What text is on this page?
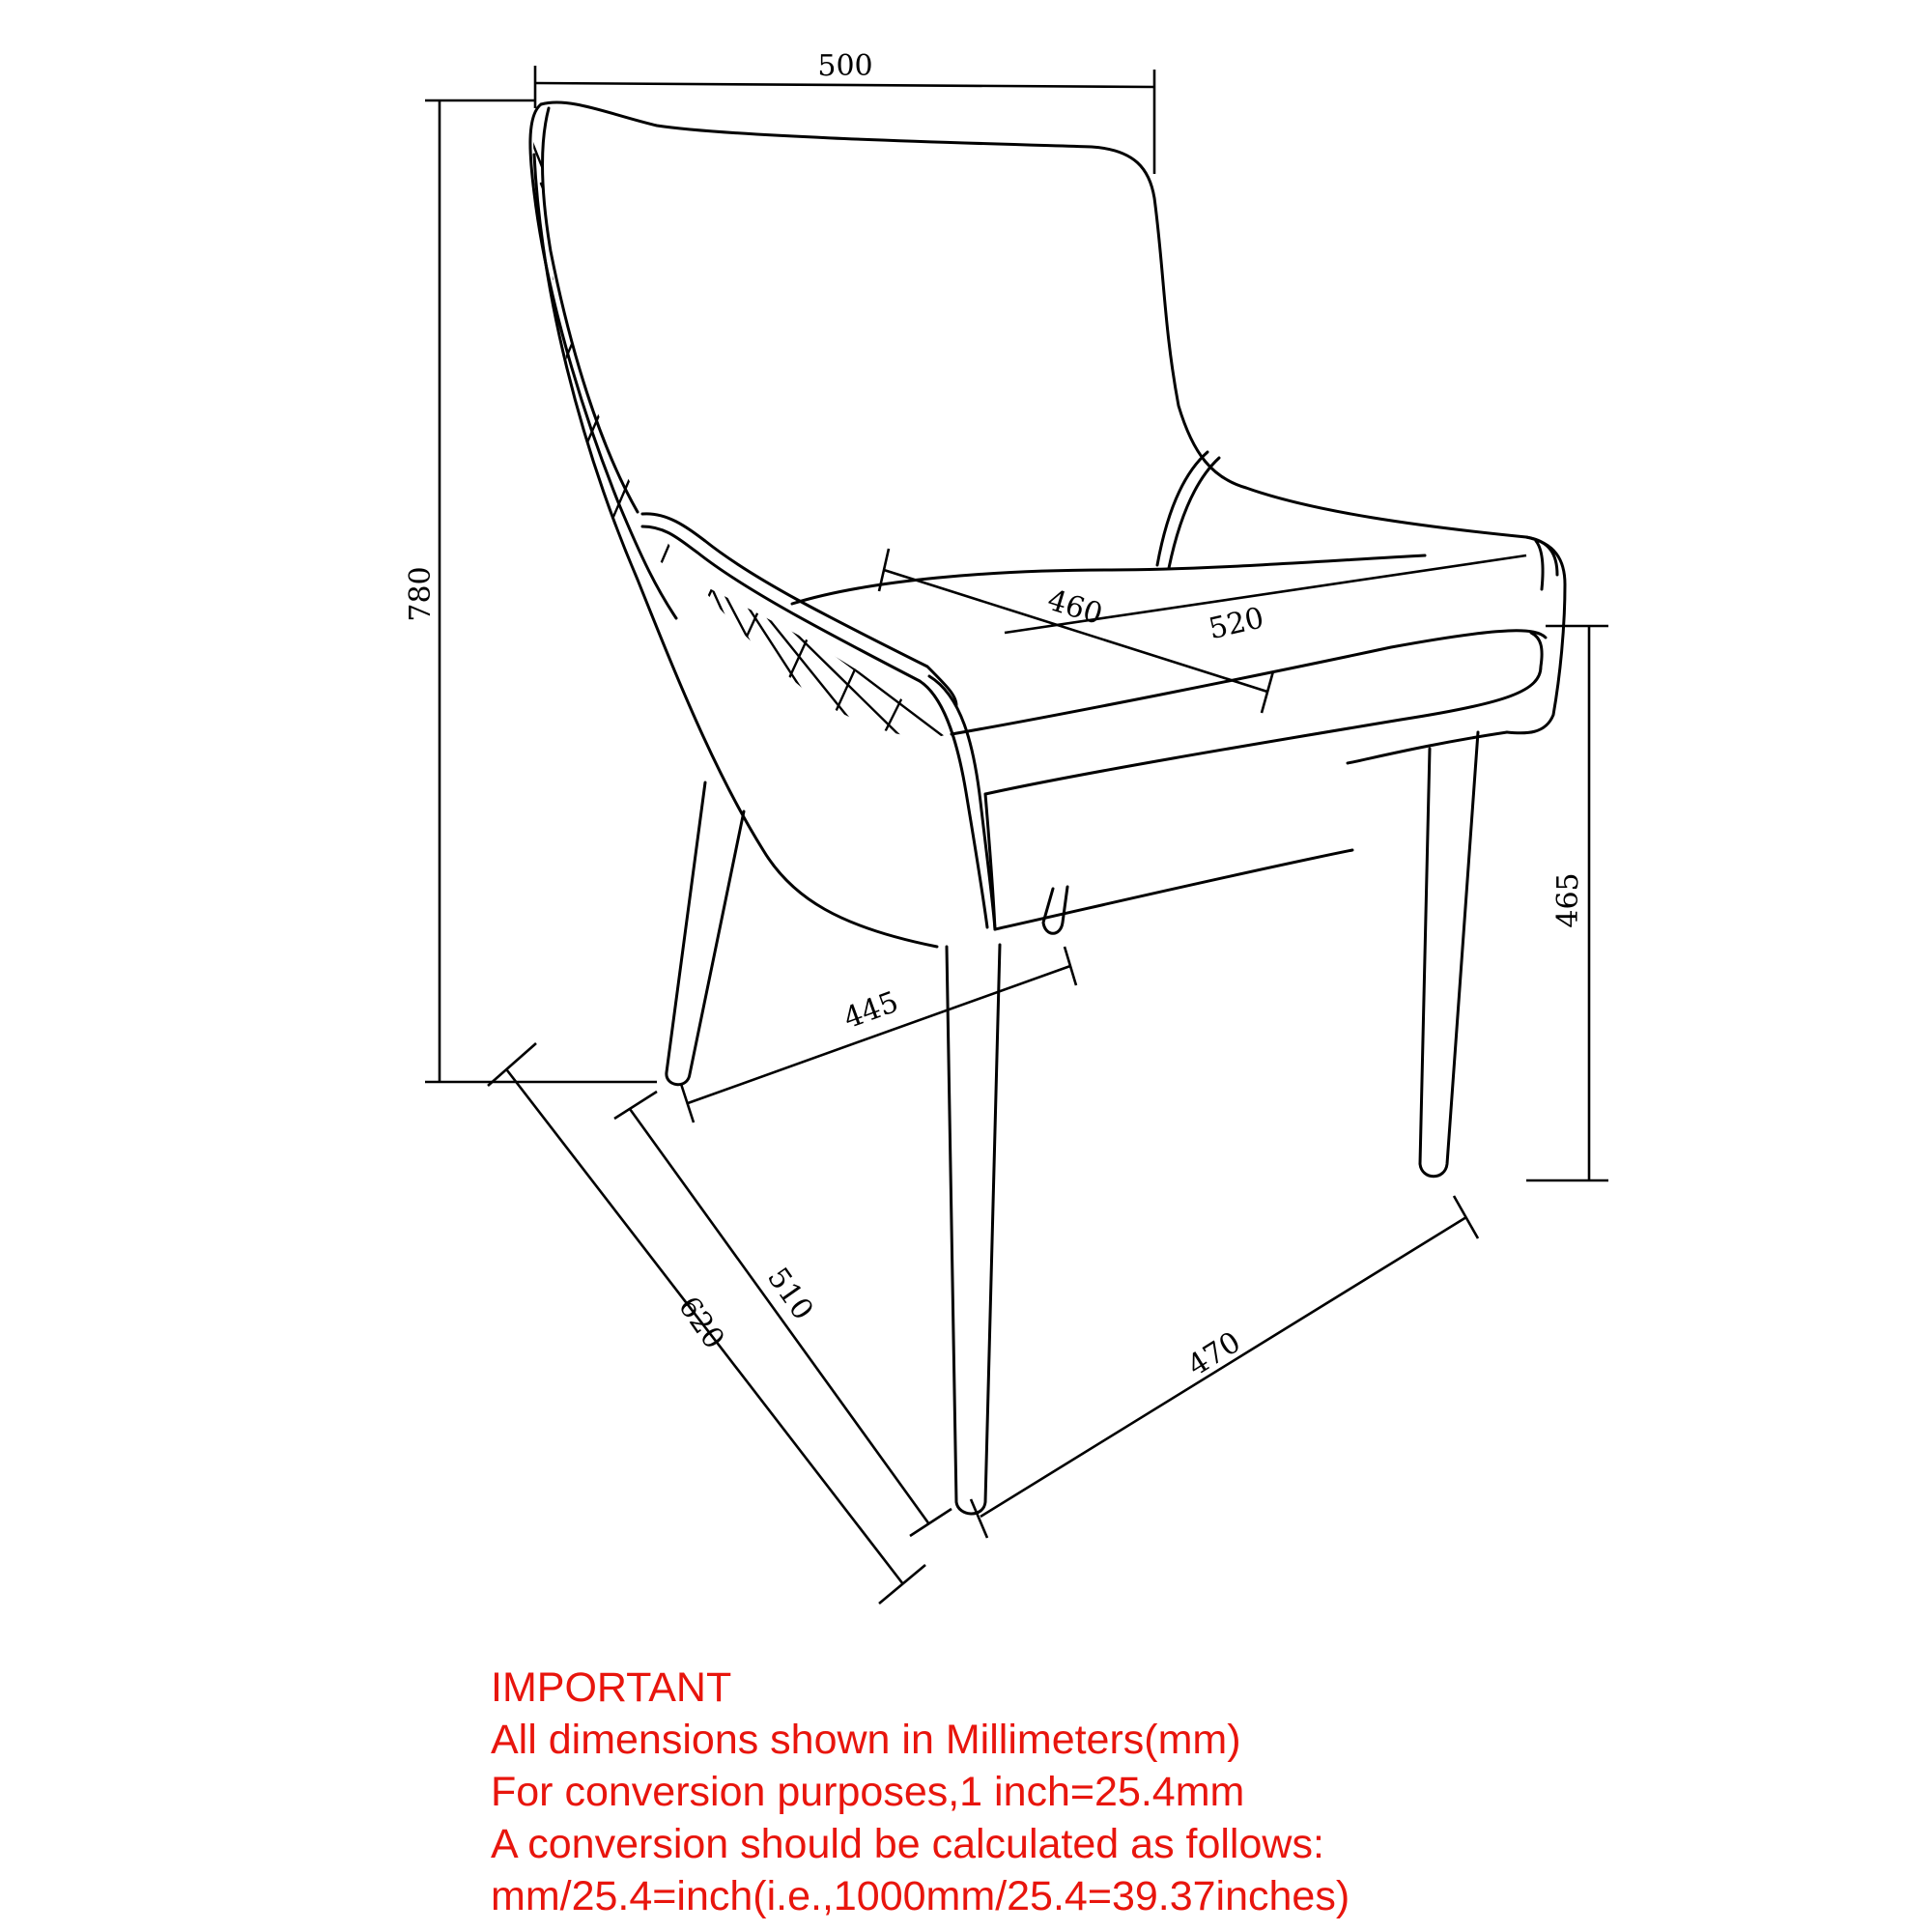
500
780	460	520
465
445
620 510
470
IMPORTANT
All dimensions shown in Millimeters(mm)
For conversion purposes,1 inch=25.4mm
A conversion should be calculated as follows:
mm/25.4=inch(i.e.,1000mm/25.4=39.37inches)
